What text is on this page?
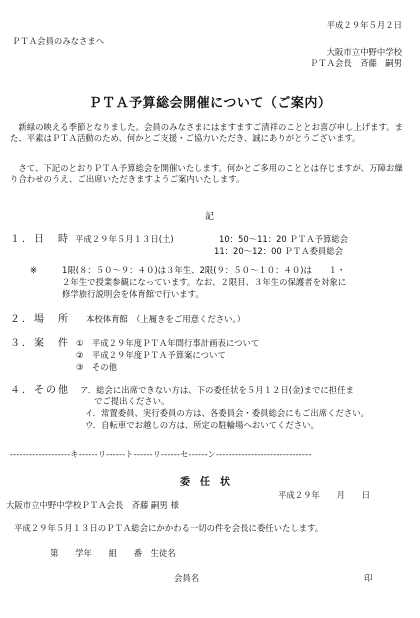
平成２９年５月２日
ＰＴＡ会員のみなさまへ
大阪市立中野中学校
ＰＴＡ会長　 斉藤　嗣男
ＰＴＡ予算総会開催について（ご案内）
　新緑の映える季節となりました。会員のみなさまにはますますご清祥のこととお喜び申し上げます。また、平素はＰＴＡ活動のため、何かとご支援・ご協力いただき、誠にありがとうございます。
　さて、下記のとおりＰＴＡ予算総会を開催いたします。何かとご多用のこととは存じますが、万障お繰り合わせのうえ、ご出席いただきますようご案内いたします。
記
１．日　時 平成２９年５月１３日(土)	10：50～11：20 ＰＴＡ予算総会
11：20～12：00 ＰＴＡ委員総会
※	1限(８：５０～９：４０)は３年生、2限(９：５０～１０：４０)は　　１・
２年生で授業参観になっています。なお、２限目、３年生の保護者を対象に
修学旅行説明会を体育館で行います。
２．場　所 本校体育館　（上履きをご用意ください。）
３．案　件 ①　平成２９年度ＰＴＡ年間行事計画表について
②　平成２９年度ＰＴＡ予算案について
③　その他
４．その他 ア．総会に出席できない方は、下の委任状を５月１２日(金)までに担任ま
でご提出ください。
イ．常置委員、実行委員の方は、各委員会・委員総会にもご出席ください。
ウ．自転車でお越しの方は、所定の駐輪場へおいてください。
-------------------キ------リ------ト------リ------セ------ン------------------------------
委任状
平成２９年　　月　　日
大阪市立中野中学校ＰＴＡ会長　斉藤 嗣男 様
平成２９年５月１３日のＰＴＡ総会にかかわる一切の件を会長に委任いたします。
第　　学年　　組　　番　生徒名
会員名	印
